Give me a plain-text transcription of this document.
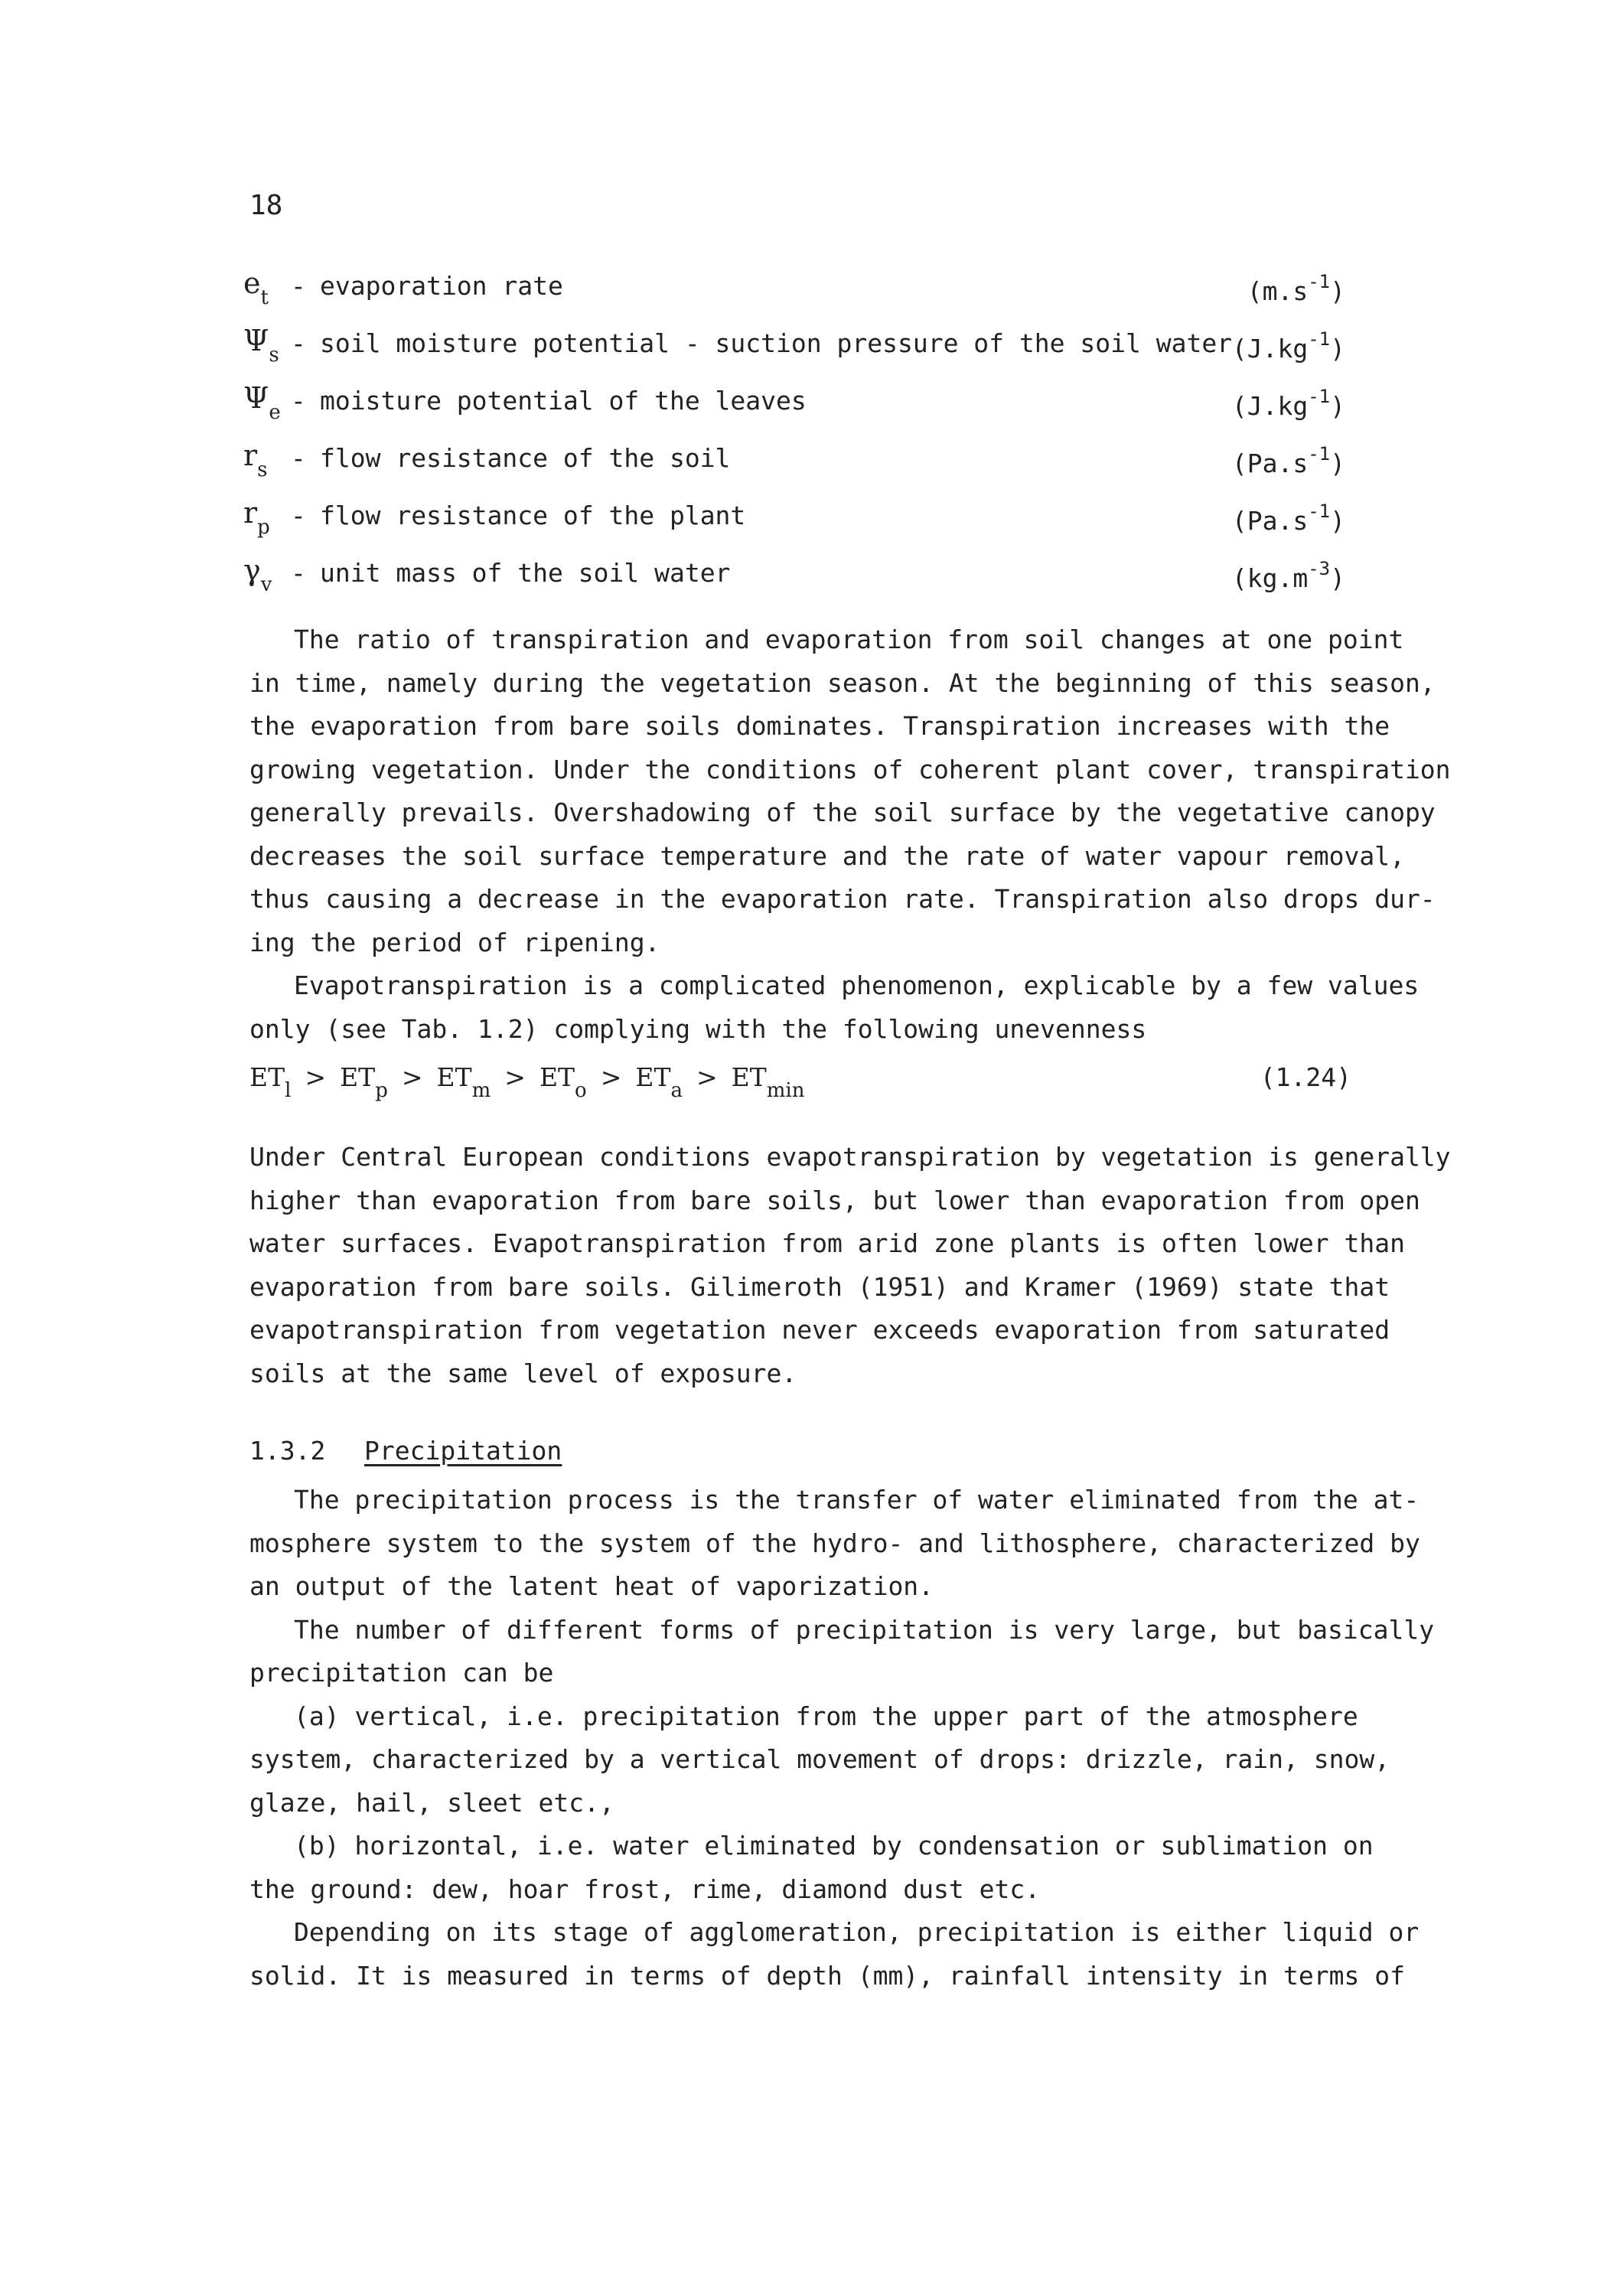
18
$e_t$ - evaporation rate	$(m.s^{-1})$
$\Psi_s$ - soil moisture potential - suction pressure of the soil water $(J.kg^{-1})$
$\Psi_e$ - moisture potential of the leaves	$(J.kg^{-1})$
$r_s$ - flow resistance of the soil	$(Pa.s^{-1})$
$r_p$ - flow resistance of the plant	$(Pa.s^{-1})$
$\gamma_v$ - unit mass of the soil water	$(kg.m^{-3})$

The ratio of transpiration and evaporation from soil changes at one point

in time, namely during the vegetation season. At the beginning of this season,

the evaporation from bare soils dominates. Transpiration increases with the

growing vegetation. Under the conditions of coherent plant cover, transpiration

generally prevails. Overshadowing of the soil surface by the vegetative canopy

decreases the soil surface temperature and the rate of water vapour removal,

thus causing a decrease in the evaporation rate. Transpiration also drops dur-

ing the period of ripening.

Evapotranspiration is a complicated phenomenon, explicable by a few values

only (see Tab. 1.2) complying with the following unevenness

$ET_l > ET_p > ET_m > ET_o > ET_a > ET_{min}$	(1.24)

Under Central European conditions evapotranspiration by vegetation is generally

higher than evaporation from bare soils, but lower than evaporation from open

water surfaces. Evapotranspiration from arid zone plants is often lower than

evaporation from bare soils. Gilimeroth (1951) and Kramer (1969) state that

evapotranspiration from vegetation never exceeds evaporation from saturated

soils at the same level of exposure.

1.3.2 Precipitation

The precipitation process is the transfer of water eliminated from the at-

mosphere system to the system of the hydro- and lithosphere, characterized by

an output of the latent heat of vaporization.

The number of different forms of precipitation is very large, but basically

precipitation can be

(a) vertical, i.e. precipitation from the upper part of the atmosphere

system, characterized by a vertical movement of drops: drizzle, rain, snow,

glaze, hail, sleet etc.,

(b) horizontal, i.e. water eliminated by condensation or sublimation on

the ground: dew, hoar frost, rime, diamond dust etc.

Depending on its stage of agglomeration, precipitation is either liquid or

solid. It is measured in terms of depth (mm), rainfall intensity in terms of
